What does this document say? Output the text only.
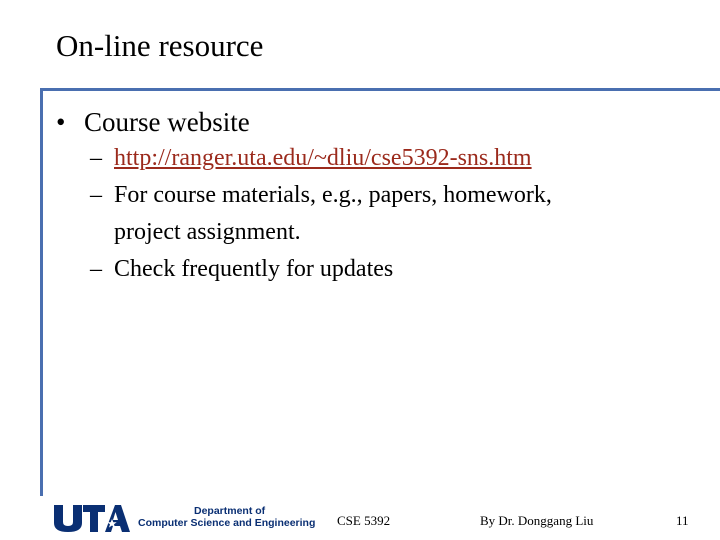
On-line resource
• Course website
– http://ranger.uta.edu/~dliu/cse5392-sns.htm
– For course materials, e.g., papers, homework,
project assignment.
– Check frequently for updates
Department of
Computer Science and Engineering CSE 5392	By Dr. Donggang Liu	11
